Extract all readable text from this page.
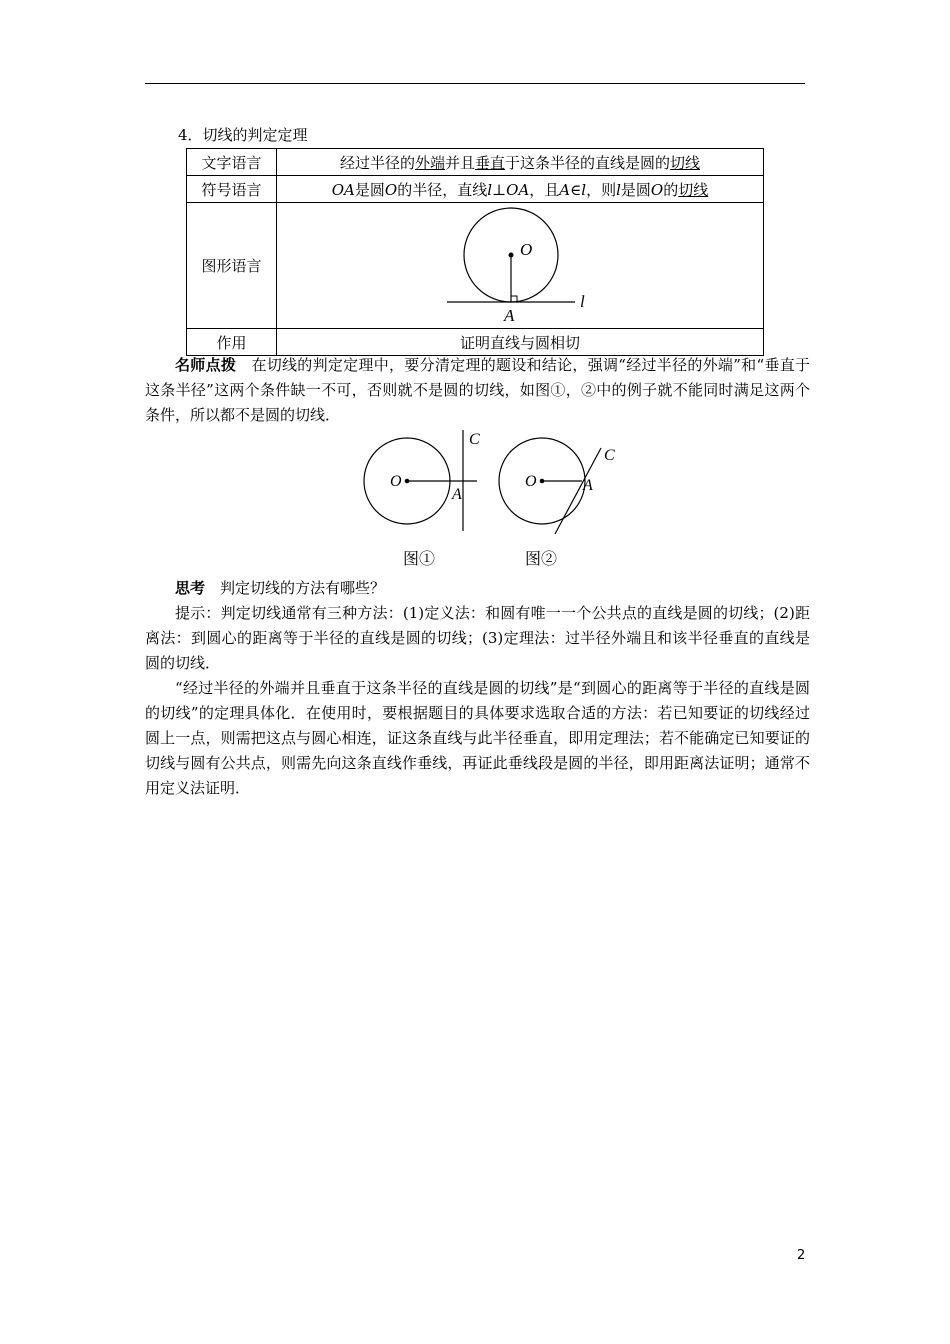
4．切线的判定定理
文字语言	经过半径的外端并且垂直于这条半径的直线是圆的切线
符号语言	OA是圆O的半径，直线l⊥OA，且A∈l，则l是圆O的切线
图形语言	O
A
l

作用	证明直线与圆相切

名师点拨　 在切线的判定定理中，要分清定理的题设和结论，强调“经过半径的外端”和“垂直于这条半径”这两个条件缺一不可，否则就不是圆的切线，如图①，②中的例子就不能同时满足这两个条件，所以都不是圆的切线．

O
A
C
图①
O	A
C
图②

思考　 判定切线的方法有哪些？

提示：判定切线通常有三种方法：(1)定义法：和圆有唯一一个公共点的直线是圆的切线；(2)距离法：到圆心的距离等于半径的直线是圆的切线；(3)定理法：过半径外端且和该半径垂直的直线是圆的切线．

“经过半径的外端并且垂直于这条半径的直线是圆的切线”是“到圆心的距离等于半径的直线是圆的切线”的定理具体化．在使用时，要根据题目的具体要求选取合适的方法：若已知要证的切线经过圆上一点，则需把这点与圆心相连，证这条直线与此半径垂直，即用定理法；若不能确定已知要证的切线与圆有公共点，则需先向这条直线作垂线，再证此垂线段是圆的半径，即用距离法证明；通常不用定义法证明．

2
